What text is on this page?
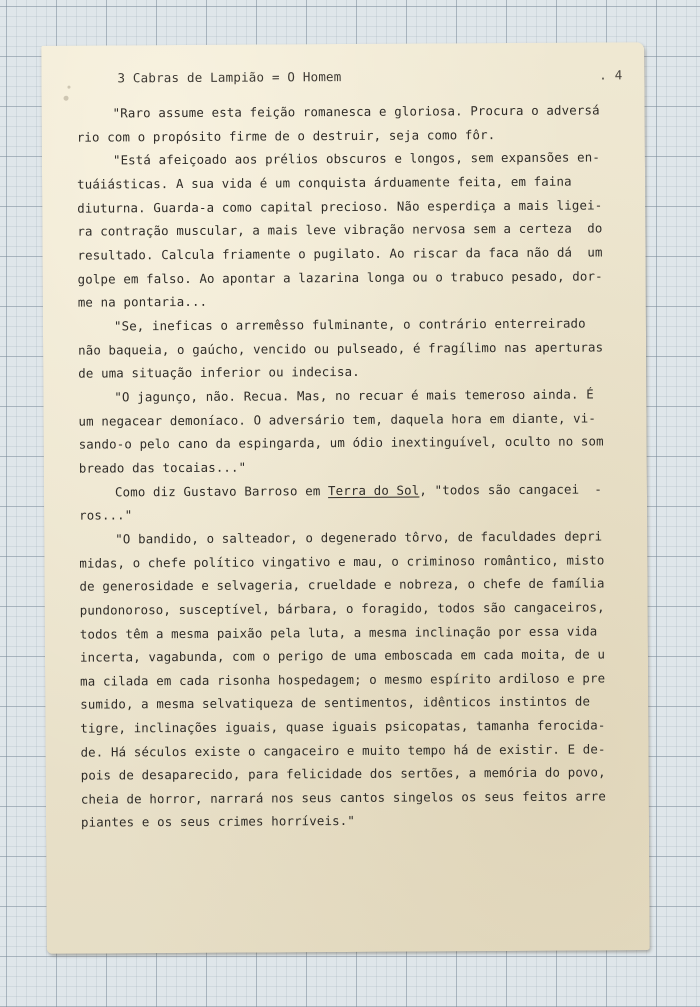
3 Cabras de Lampião = O Homem	. 4
"Raro assume esta feição romanesca e gloriosa. Procura o adversá
rio com o propósito firme de o destruir, seja como fôr.
"Está afeiçoado aos prélios obscuros e longos, sem expansões en-
tuáiásticas. A sua vida é um conquista árduamente feita, em faina
diuturna. Guarda-a como capital precioso. Não esperdiça a mais ligei-
ra contração muscular, a mais leve vibração nervosa sem a certeza  do
resultado. Calcula friamente o pugilato. Ao riscar da faca não dá  um
golpe em falso. Ao apontar a lazarina longa ou o trabuco pesado, dor-
me na pontaria...
"Se, ineficas o arremêsso fulminante, o contrário enterreirado
não baqueia, o gaúcho, vencido ou pulseado, é fragílimo nas aperturas
de uma situação inferior ou indecisa.
"O jagunço, não. Recua. Mas, no recuar é mais temeroso ainda. É
um negacear demoníaco. O adversário tem, daquela hora em diante, vi-
sando-o pelo cano da espingarda, um ódio inextinguível, oculto no som
breado das tocaias..."
Como diz Gustavo Barroso em Terra do Sol, "todos são cangacei  -
ros..."
"O bandido, o salteador, o degenerado tôrvo, de faculdades depri
midas, o chefe político vingativo e mau, o criminoso romântico, misto
de generosidade e selvageria, crueldade e nobreza, o chefe de família
pundonoroso, susceptível, bárbara, o foragido, todos são cangaceiros,
todos têm a mesma paixão pela luta, a mesma inclinação por essa vida
incerta, vagabunda, com o perigo de uma emboscada em cada moita, de u
ma cilada em cada risonha hospedagem; o mesmo espírito ardiloso e pre
sumido, a mesma selvatiqueza de sentimentos, idênticos instintos de
tigre, inclinações iguais, quase iguais psicopatas, tamanha ferocida-
de. Há séculos existe o cangaceiro e muito tempo há de existir. E de-
pois de desaparecido, para felicidade dos sertões, a memória do povo,
cheia de horror, narrará nos seus cantos singelos os seus feitos arre
piantes e os seus crimes horríveis."
